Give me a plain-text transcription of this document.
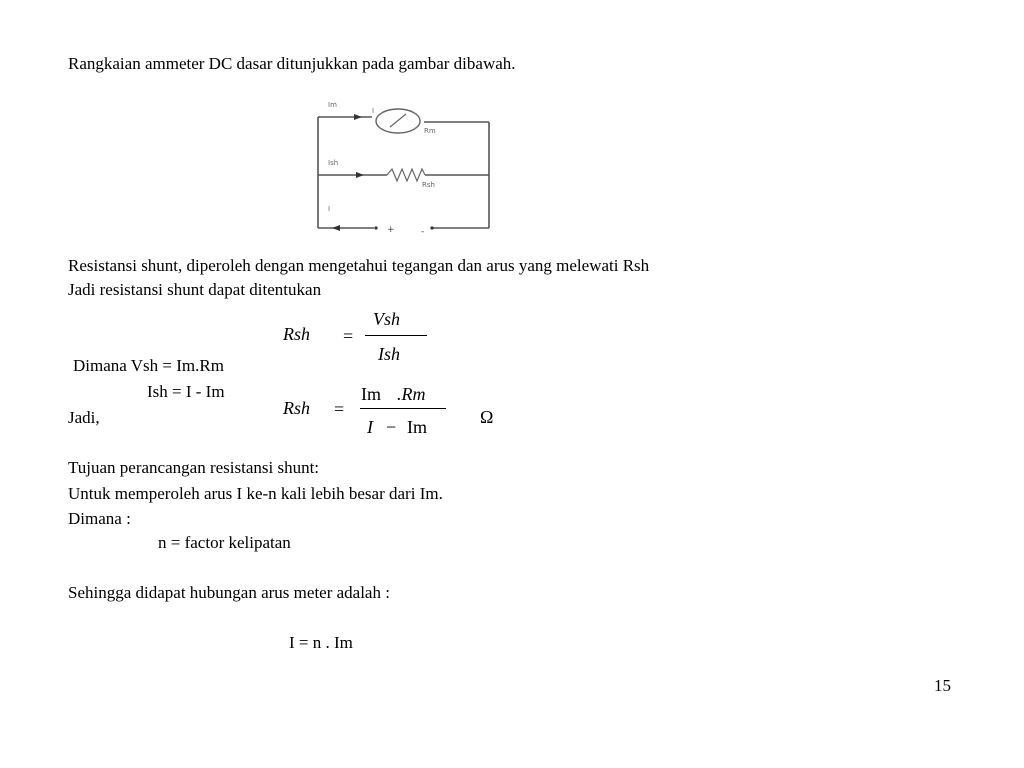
Rangkaian ammeter DC dasar ditunjukkan pada gambar dibawah.
Im
I
Rm
Ish
Rsh
I
+	-
Resistansi shunt, diperoleh dengan mengetahui tegangan dan arus yang melewati Rsh
Jadi resistansi shunt dapat ditentukan
Rsh =
Vsh
Ish
Dimana Vsh = Im.Rm
Ish = I - Im
Jadi,	Rsh =
Im .Rm
I − Im	Ω
Tujuan perancangan resistansi shunt:
Untuk memperoleh arus I ke-n kali lebih besar dari Im.
Dimana :
n = factor kelipatan
Sehingga didapat hubungan arus meter adalah :
I = n . Im
15
